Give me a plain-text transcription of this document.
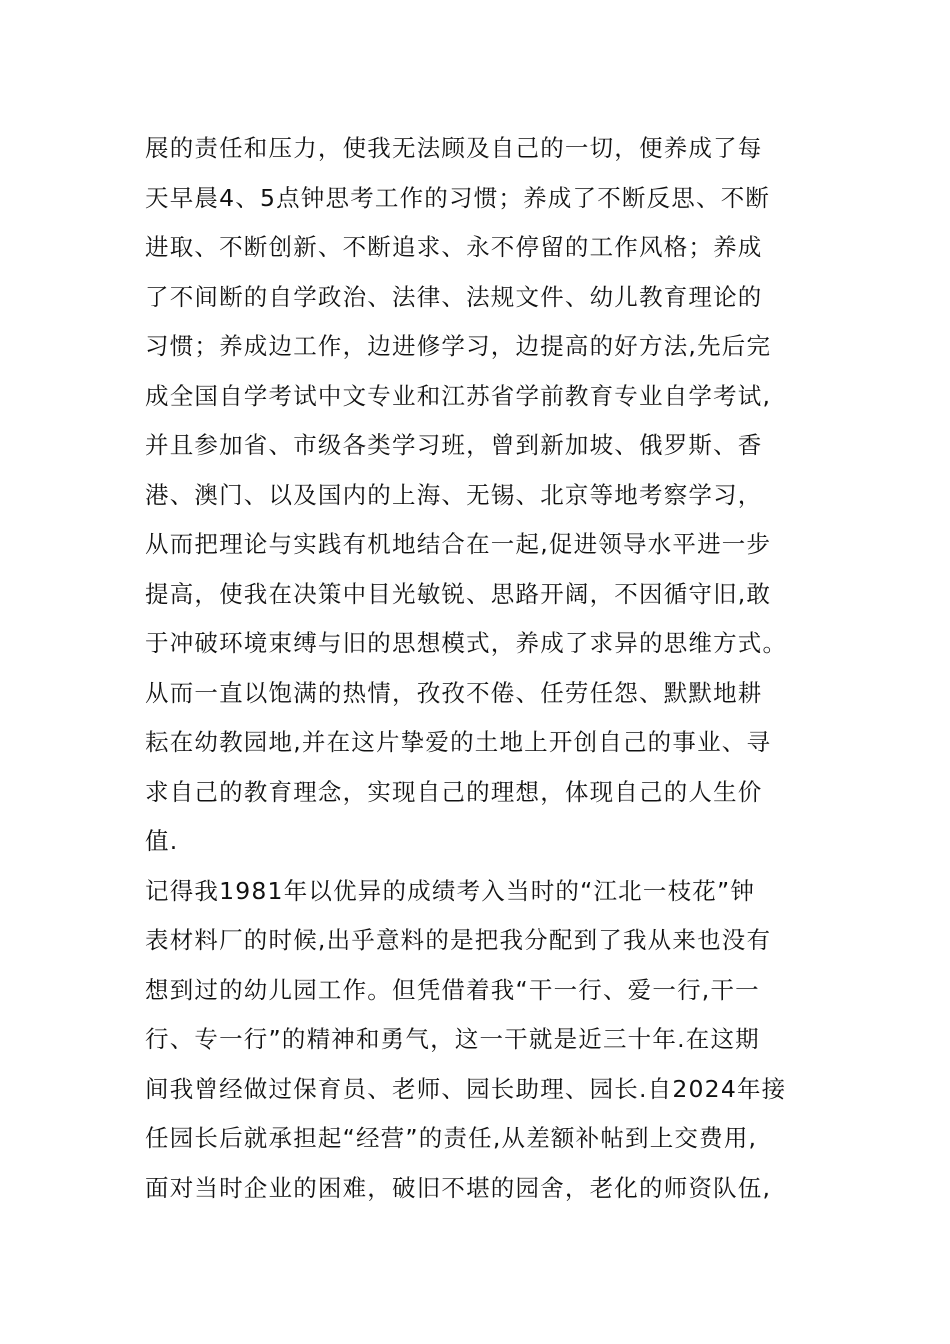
展的责任和压力，使我无法顾及自己的一切，便养成了每
天早晨4、5点钟思考工作的习惯；养成了不断反思、不断
进取、不断创新、不断追求、永不停留的工作风格；养成
了不间断的自学政治、法律、法规文件、幼儿教育理论的
习惯；养成边工作，边进修学习，边提高的好方法,先后完
成全国自学考试中文专业和江苏省学前教育专业自学考试,
并且参加省、市级各类学习班，曾到新加坡、俄罗斯、香
港、澳门、以及国内的上海、无锡、北京等地考察学习，
从而把理论与实践有机地结合在一起,促进领导水平进一步
提高，使我在决策中目光敏锐、思路开阔，不因循守旧,敢
于冲破环境束缚与旧的思想模式，养成了求异的思维方式。
从而一直以饱满的热情，孜孜不倦、任劳任怨、默默地耕
耘在幼教园地,并在这片挚爱的土地上开创自己的事业、寻
求自己的教育理念，实现自己的理想，体现自己的人生价
值.
记得我1981年以优异的成绩考入当时的“江北一枝花”钟
表材料厂的时候,出乎意料的是把我分配到了我从来也没有
想到过的幼儿园工作。但凭借着我“干一行、爱一行,干一
行、专一行”的精神和勇气，这一干就是近三十年.在这期
间我曾经做过保育员、老师、园长助理、园长.自2024年接
任园长后就承担起“经营”的责任,从差额补帖到上交费用,
面对当时企业的困难，破旧不堪的园舍，老化的师资队伍,
